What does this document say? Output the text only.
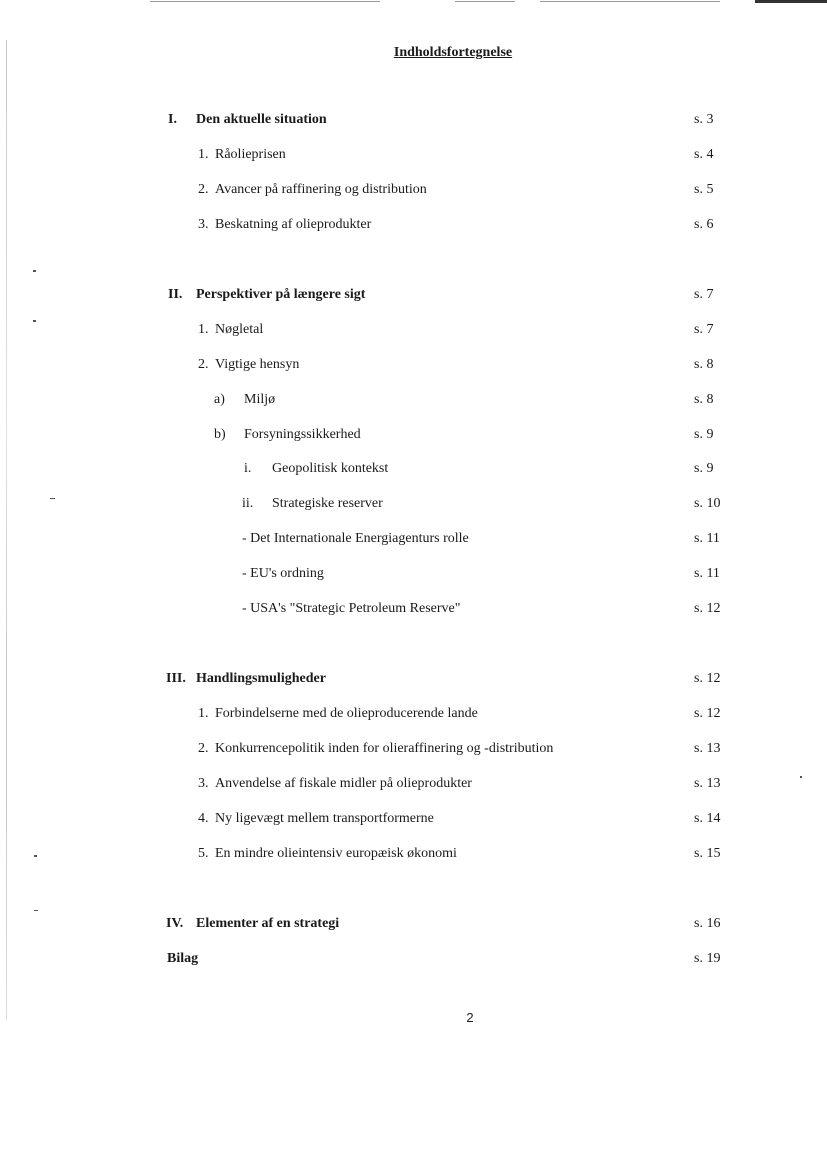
Indholdsfortegnelse
I. Den aktuelle situation	s. 3
1. Råolieprisen	s. 4
2. Avancer på raffinering og distribution	s. 5
3. Beskatning af olieprodukter	s. 6
II. Perspektiver på længere sigt	s. 7
1. Nøgletal	s. 7
2. Vigtige hensyn	s. 8
a) Miljø	s. 8
b) Forsyningssikkerhed	s. 9
i. Geopolitisk kontekst	s. 9
ii. Strategiske reserver	s. 10
- Det Internationale Energiagenturs rolle	s. 11
- EU's ordning	s. 11
- USA's "Strategic Petroleum Reserve"	s. 12
III. Handlingsmuligheder	s. 12
1. Forbindelserne med de olieproducerende lande	s. 12
2. Konkurrencepolitik inden for olieraffinering og -distribution	s. 13
3. Anvendelse af fiskale midler på olieprodukter	s. 13
4. Ny ligevægt mellem transportformerne	s. 14
5. En mindre olieintensiv europæisk økonomi	s. 15
IV. Elementer af en strategi	s. 16
Bilag	s. 19
2
